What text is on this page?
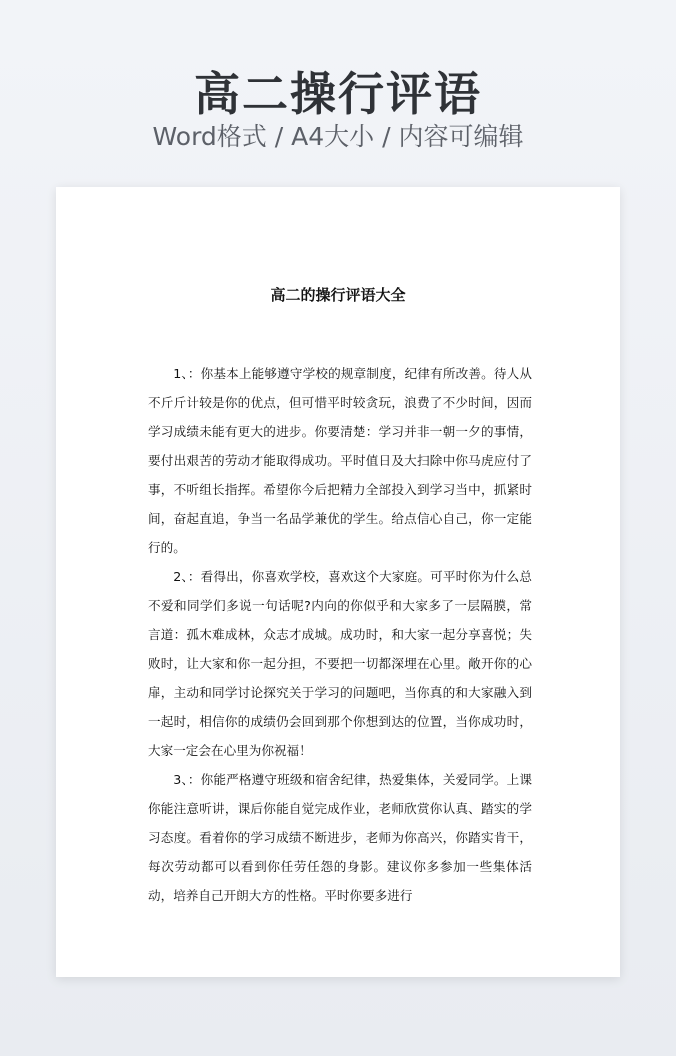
高二操行评语
Word格式 / A4大小 / 内容可编辑
高二的操行评语大全

1、：你基本上能够遵守学校的规章制度，纪律有所改善。待人从不斤斤计较是你的优点，但可惜平时较贪玩，浪费了不少时间，因而学习成绩未能有更大的进步。你要清楚：学习并非一朝一夕的事情，要付出艰苦的劳动才能取得成功。平时值日及大扫除中你马虎应付了事，不听组长指挥。希望你今后把精力全部投入到学习当中，抓紧时间，奋起直追，争当一名品学兼优的学生。给点信心自己，你一定能行的。

2、：看得出，你喜欢学校，喜欢这个大家庭。可平时你为什么总不爱和同学们多说一句话呢?内向的你似乎和大家多了一层隔膜，常言道：孤木难成林，众志才成城。成功时，和大家一起分享喜悦；失败时，让大家和你一起分担，不要把一切都深埋在心里。敞开你的心扉，主动和同学讨论探究关于学习的问题吧，当你真的和大家融入到一起时，相信你的成绩仍会回到那个你想到达的位置，当你成功时，大家一定会在心里为你祝福！

3、：你能严格遵守班级和宿舍纪律，热爱集体，关爱同学。上课你能注意听讲，课后你能自觉完成作业，老师欣赏你认真、踏实的学习态度。看着你的学习成绩不断进步，老师为你高兴，你踏实肯干，每次劳动都可以看到你任劳任怨的身影。建议你多参加一些集体活动，培养自己开朗大方的性格。平时你要多进行
